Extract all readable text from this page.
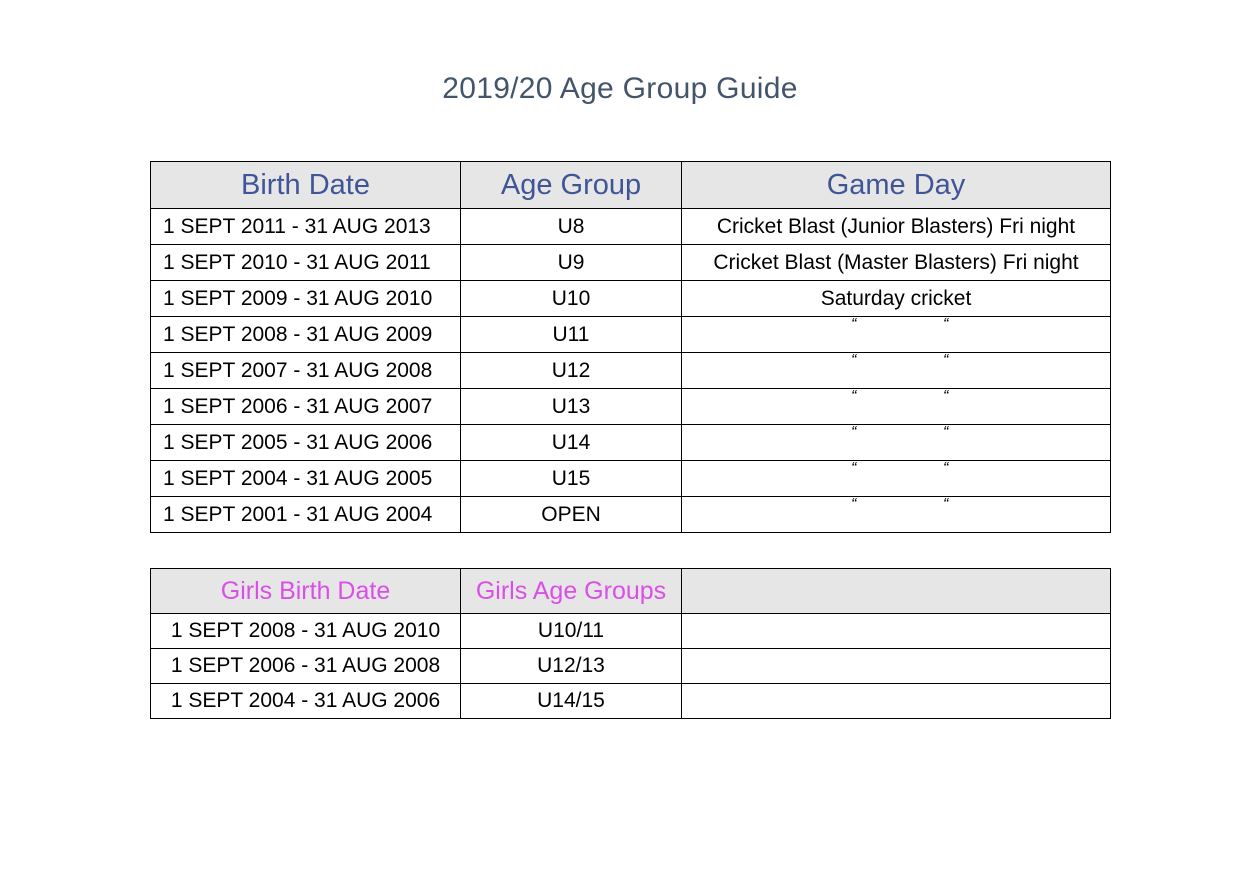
2019/20 Age Group Guide
Birth Date	Age Group	Game Day
1 SEPT 2011 - 31 AUG 2013	U8	Cricket Blast (Junior Blasters) Fri night
1 SEPT 2010 - 31 AUG 2011	U9	Cricket Blast (Master Blasters) Fri night
1 SEPT 2009 - 31 AUG 2010	U10	Saturday cricket
1 SEPT 2008 - 31 AUG 2009	U11	“ “

1 SEPT 2007 - 31 AUG 2008	U12	“ “

1 SEPT 2006 - 31 AUG 2007	U13	“ “

1 SEPT 2005 - 31 AUG 2006	U14	“ “

1 SEPT 2004 - 31 AUG 2005	U15	“ “

1 SEPT 2001 - 31 AUG 2004	OPEN	“ “
Girls Birth Date	Girls Age Groups	
1 SEPT 2008 - 31 AUG 2010	U10/11	
1 SEPT 2006 - 31 AUG 2008	U12/13	
1 SEPT 2004 - 31 AUG 2006	U14/15	
